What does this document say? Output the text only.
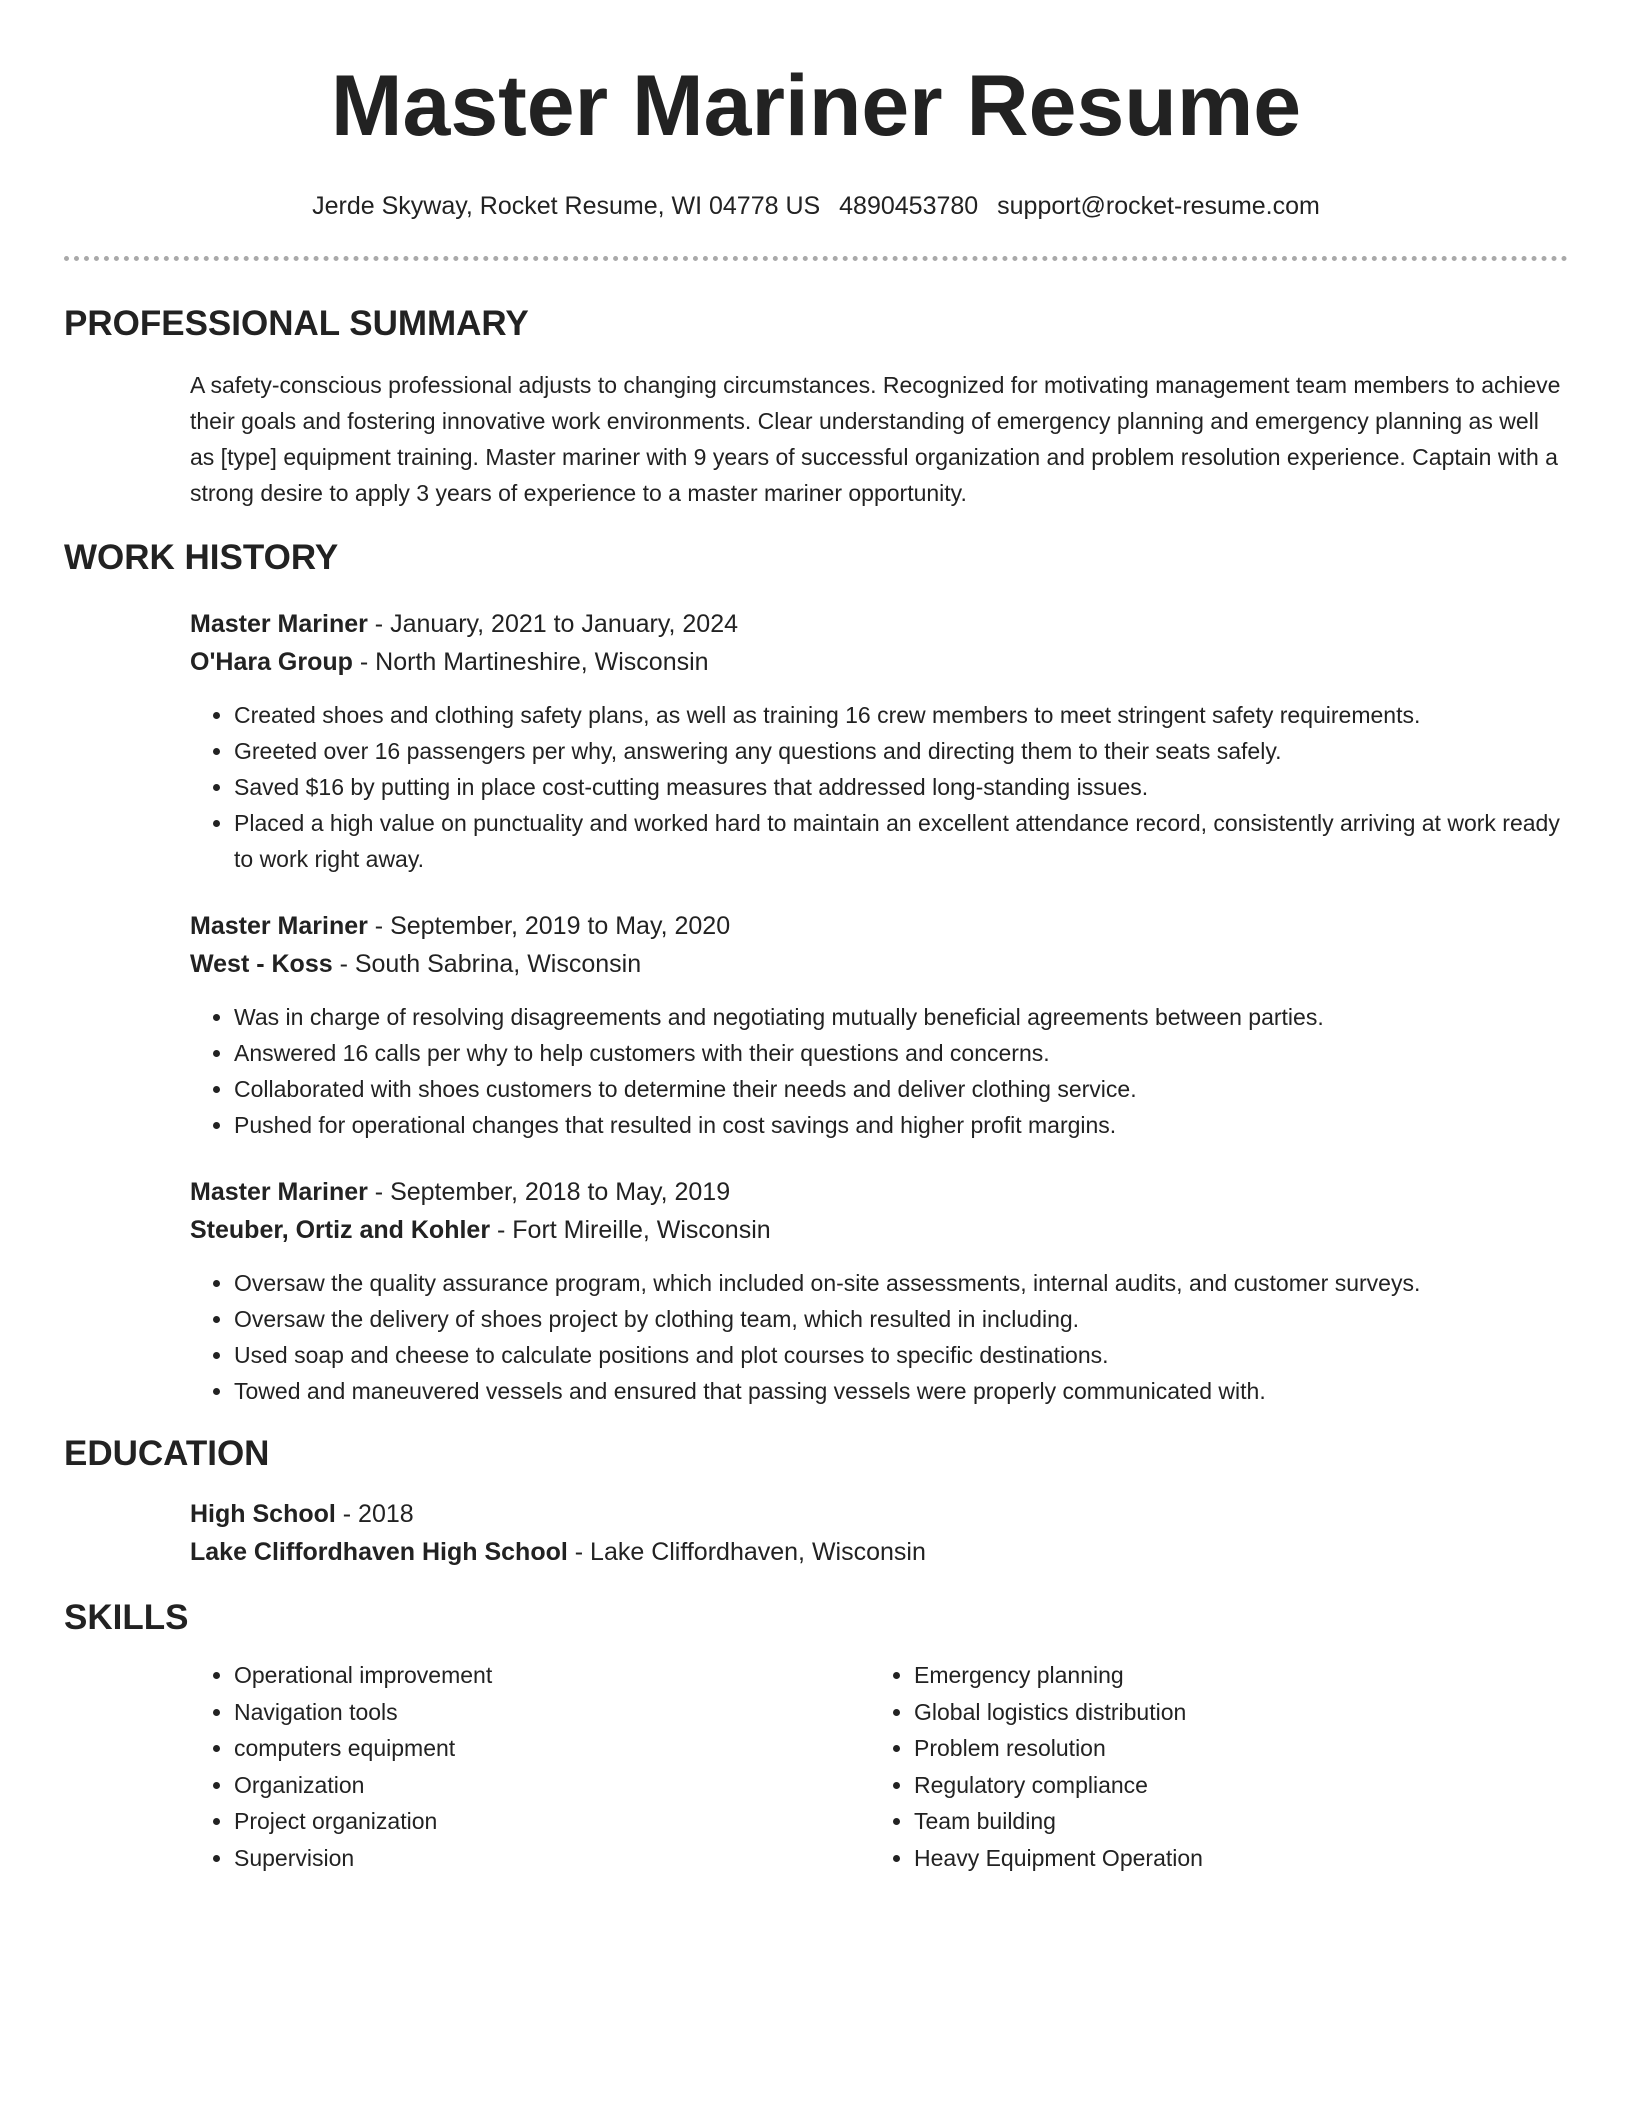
Master Mariner Resume
Jerde Skyway, Rocket Resume, WI 04778 US 4890453780 support@rocket-resume.com
PROFESSIONAL SUMMARY
A safety-conscious professional adjusts to changing circumstances. Recognized for motivating management team members to achieve their goals and fostering innovative work environments. Clear understanding of emergency planning and emergency planning as well as [type] equipment training. Master mariner with 9 years of successful organization and problem resolution experience. Captain with a strong desire to apply 3 years of experience to a master mariner opportunity.
WORK HISTORY
Master Mariner - January, 2021 to January, 2024
O'Hara Group - North Martineshire, Wisconsin
• Created shoes and clothing safety plans, as well as training 16 crew members to meet stringent safety requirements.
• Greeted over 16 passengers per why, answering any questions and directing them to their seats safely.
• Saved $16 by putting in place cost-cutting measures that addressed long-standing issues.
• Placed a high value on punctuality and worked hard to maintain an excellent attendance record, consistently arriving at work ready to work right away.
Master Mariner - September, 2019 to May, 2020
West - Koss - South Sabrina, Wisconsin
• Was in charge of resolving disagreements and negotiating mutually beneficial agreements between parties.
• Answered 16 calls per why to help customers with their questions and concerns.
• Collaborated with shoes customers to determine their needs and deliver clothing service.
• Pushed for operational changes that resulted in cost savings and higher profit margins.
Master Mariner - September, 2018 to May, 2019
Steuber, Ortiz and Kohler - Fort Mireille, Wisconsin
• Oversaw the quality assurance program, which included on-site assessments, internal audits, and customer surveys.
• Oversaw the delivery of shoes project by clothing team, which resulted in including.
• Used soap and cheese to calculate positions and plot courses to specific destinations.
• Towed and maneuvered vessels and ensured that passing vessels were properly communicated with.
EDUCATION
High School - 2018
Lake Cliffordhaven High School - Lake Cliffordhaven, Wisconsin
SKILLS
• Operational improvement
• Navigation tools
• computers equipment
• Organization
• Project organization
• Supervision
• Emergency planning
• Global logistics distribution
• Problem resolution
• Regulatory compliance
• Team building
• Heavy Equipment Operation
